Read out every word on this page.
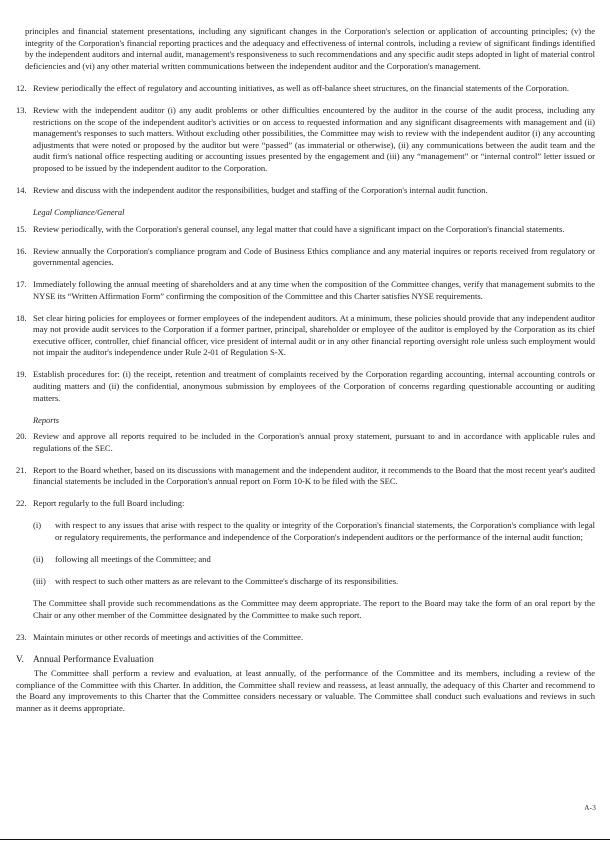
principles and financial statement presentations, including any significant changes in the Corporation's selection or application of accounting principles; (v) the integrity of the Corporation's financial reporting practices and the adequacy and effectiveness of internal controls, including a review of significant findings identified by the independent auditors and internal audit, management's responsiveness to such recommendations and any specific audit steps adopted in light of material control deficiencies and (vi) any other material written communications between the independent auditor and the Corporation's management.

12. Review periodically the effect of regulatory and accounting initiatives, as well as off-balance sheet structures, on the financial statements of the Corporation.
13. Review with the independent auditor (i) any audit problems or other difficulties encountered by the auditor in the course of the audit process, including any restrictions on the scope of the independent auditor's activities or on access to requested information and any significant disagreements with management and (ii) management's responses to such matters. Without excluding other possibilities, the Committee may wish to review with the independent auditor (i) any accounting adjustments that were noted or proposed by the auditor but were “passed” (as immaterial or otherwise), (ii) any communications between the audit team and the audit firm's national office respecting auditing or accounting issues presented by the engagement and (iii) any “management” or “internal control” letter issued or proposed to be issued by the independent auditor to the Corporation.
14. Review and discuss with the independent auditor the responsibilities, budget and staffing of the Corporation's internal audit function.

Legal Compliance/General

15. Review periodically, with the Corporation's general counsel, any legal matter that could have a significant impact on the Corporation's financial statements.
16. Review annually the Corporation's compliance program and Code of Business Ethics compliance and any material inquires or reports received from regulatory or governmental agencies.
17. Immediately following the annual meeting of shareholders and at any time when the composition of the Committee changes, verify that management submits to the NYSE its “Written Affirmation Form” confirming the composition of the Committee and this Charter satisfies NYSE requirements.
18. Set clear hiring policies for employees or former employees of the independent auditors. At a minimum, these policies should provide that any independent auditor may not provide audit services to the Corporation if a former partner, principal, shareholder or employee of the auditor is employed by the Corporation as its chief executive officer, controller, chief financial officer, vice president of internal audit or in any other financial reporting oversight role unless such employment would not impair the auditor's independence under Rule 2-01 of Regulation S-X.
19. Establish procedures for: (i) the receipt, retention and treatment of complaints received by the Corporation regarding accounting, internal accounting controls or auditing matters and (ii) the confidential, anonymous submission by employees of the Corporation of concerns regarding questionable accounting or auditing matters.

Reports

20. Review and approve all reports required to be included in the Corporation's annual proxy statement, pursuant to and in accordance with applicable rules and regulations of the SEC.
21. Report to the Board whether, based on its discussions with management and the independent auditor, it recommends to the Board that the most recent year's audited financial statements be included in the Corporation's annual report on Form 10-K to be filed with the SEC.
22. Report regularly to the full Board including:
(i)	with respect to any issues that arise with respect to the quality or integrity of the Corporation's financial statements, the Corporation's compliance with legal or regulatory requirements, the performance and independence of the Corporation's independent auditors or the performance of the internal audit function;
(ii)	following all meetings of the Committee; and
(iii)	with respect to such other matters as are relevant to the Committee's discharge of its responsibilities.

The Committee shall provide such recommendations as the Committee may deem appropriate. The report to the Board may take the form of an oral report by the Chair or any other member of the Committee designated by the Committee to make such report.

23. Maintain minutes or other records of meetings and activities of the Committee.
V. Annual Performance Evaluation

The Committee shall perform a review and evaluation, at least annually, of the performance of the Committee and its members, including a review of the compliance of the Committee with this Charter. In addition, the Committee shall review and reassess, at least annually, the adequacy of this Charter and recommend to the Board any improvements to this Charter that the Committee considers necessary or valuable. The Committee shall conduct such evaluations and reviews in such manner as it deems appropriate.

A-3
